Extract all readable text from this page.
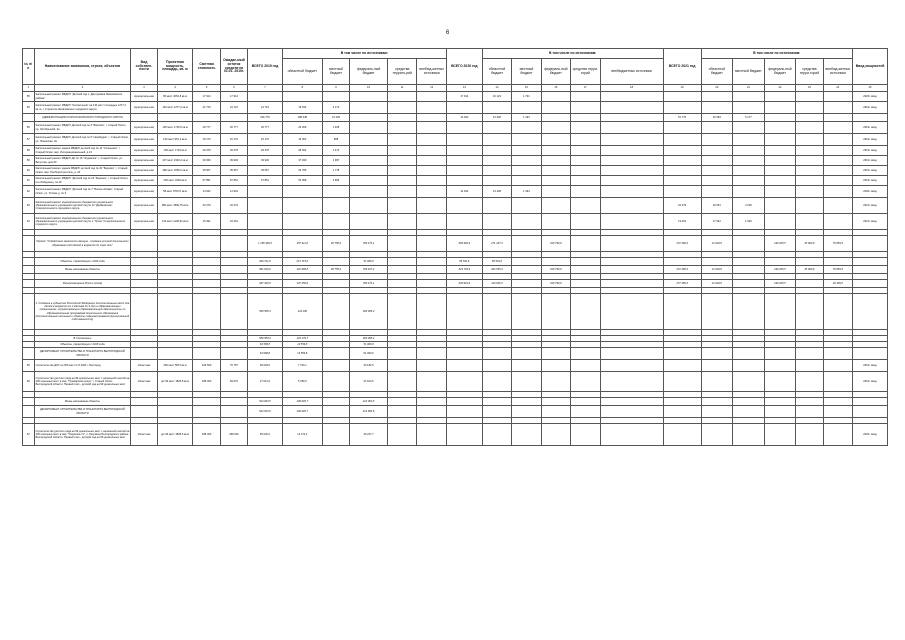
6
№ п/п	Наименование заказчиков, строек, объектов	Вид собствен-ности	Проектная мощность, площадь, кв. м	Сметная стоимость	Ожидае-мый остаток средств на 01.01. 2019г.	ВСЕГО 2019 год	В том числе по источникам:					ВСЕГО 2020 год	В том числе по источникам:					ВСЕГО 2021 год	В том числе по источникам:					Ввод мощностей
							областной бюджет	местный бюджет	федераль-ный бюджет	средства террито-рий	внебюд-жетных источники		областной бюджет	местный бюджет	федераль-ный бюджет	средства терри-торий	внебюджетных источники		областной бюджет	местный бюджет	федераль-ный бюджет	средства терри-торий	внебюд-жетных источники	
1	2	3	4	5	6	7	8	9	10	11	12	13	14	15	16	17	18	19	20	21	22	23	24	25
55	Капитальный ремонт МБДОУ "Детский сад с. Дмитриевка Яковлевского района"	муниципаль-ная	95 мест 2052,8 кв.м	17 914	17 914							17 914	16 123	1 791										2020г. ввод
56	Капитальный ремонт МБДОУ "Колокольчик" на 140 мест площадью 1277,4 кв. м, г. Строитель Яковлевского городского округа	муниципаль-ная	140 мест 1277,4 кв.м	21 716	21 716	21 716	19 544	2 172																2019г. ввод
	АДМИНИСТРАЦИЯ СТАРООСКОЛЬСКОГО ГОРОДСКОГО ОКРУГА					226 779	188 348	10 429				14 942	13 448	1 494				51 770	46 593	5 177				
56	Капитальный ремонт МБДОУ Детский сад № 4 "Василёк", г. Старый Оскол, пр. Октябрьский, 3а	муниципаль-ная	135 мест 1700,5 кв.м	20 777	20 777	20 777	20 269	1 408																2019г. ввод
57	Капитальный ремонт МБДОУ Детский сад № 5 "Незабудка", г. Старый Оскол, ул. Ленинская, 3а	муниципаль-ная	140 мест 951,2 кв.м	15 170	15 170	15 170	15 362	808																2019г. ввод
58	Капитальный ремонт здания МБДОУ детский сад № 14 "Солнышко", г. Старый Оскол, мкр. Интернациональный, д.13	муниципаль-ная	135 мест 1734 кв.м	29 478	29 478	29 478	28 004	1 474																2019г. ввод
59	Капитальный ремонт МБДОУ ДС № 16 "Журавлик", г. Старый Оскол, ул. Ватутина, дом 60	муниципаль-ная	237 мест 2340,2 кв.м	39 936	39 936	39 936	37 939	1 997																2019г. ввод
60	Капитальный ремонт здания МБДОУ детский сад № 20 "Березка", г. Старый Оскол, мкр. Приборостроитель, д. 20	муниципаль-ная	280 мест 2050,2 кв.м	35 567	35 567	35 567	33 789	1 778																2019г. ввод
61	Капитальный ремонт МБДОУ "Детский сад № 24 "Березка", г. Старый Оскол, м-н Лебединец, № 29	муниципаль-ная	230 мест 3403 кв.м	57 851	57 851	57 851	54 958	2 893																2019г. ввод
62	Капитальный ремонт МБДОУ "Детский сад № 7 "Белые облака", Старый Оскол, ул. Титова, д. № 6	муниципаль-ная	58 мест 878,97 кв.м	14 942	14 942							14 942	13 448	1 494										2020г. ввод
63	Капитальный ремонт муниципального бюджетного дошкольного образовательного учреждения детский сад № 12 "Дюймовочка" Старооскольского городского округа	муниципаль-ная	280 мест 1899,75 кв.м	32 279	32 279													32 279	29 051	3 228				2021г. ввод
64	Капитальный ремонт муниципального бюджетного дошкольного образовательного учреждения детский сад № 1 "Лучик" Старооскольского городского округа	муниципаль-ная	140 мест 1148,34 кв.м	19 491	19 491													19 491	17 542	1 949				2021г. ввод

	Проект "Содействие занятости женщин - создание условий дошкольного образования для детей в возрасте до трех лет"					1 156 346,8	357 411,8	38 758,0	760 174,1			609 940,9	271 147,3		318 793,6			272 300,3	21 094,8		230 205,5	45 000,0	70 859,9	

	Объекты, переходящие с 2018 года					264 721,9	213 715,0		51 006,9			86 591,6	86 591,6											
	Вновь начинаемые объекты					891 619,9	122 696,8	38 758,0	709 167,2			523 743,9	204 555,3		318 793,6			272 300,3	21 094,8		230 205,5	45 000,0	70 859,9	

	Минпросвещения России (по/не)					937 425,8	137 250,0		790 174,1			435 624,9	116 828,3		318 793,6			277 486,3	21 094,8		230 205,5		26 186,0	

	1. Создание в субъектах Российской Федерации дополнительных мест для детей в возрасте от 2 месяцев до 3 лет в образовательных организациях, осуществляющих образовательную деятельность по образовательным программам дошкольного образования (дополнительные школьные и объекты софинансирования (муниципальной собственности))					586 588,3	123 186		463 388,2															

	В Соглашении					586 588,3	123 179,7		463 388,2															
	Объекты, переходящие с 2018 года					64 568,8	13 559,8		51 009,0															
	ДЕПАРТАМЕНТ СТРОИТЕЛЬСТВА И ТРАНСПОРТА БЕЛГОРОДСКОЙ ОБЛАСТИ					64 568,8	13 559,8		51 009,0															
65	Строительство ДОУ на 350 мест в IX КЖР, г. Белгород	областная	350 мест 5874 кв.м	229 500	76 787	38 093,6	7 760,1		30 182,5															2019г. ввод
66	Строительство детского сада на 99 дошкольных мест с начальной школой на 100 школьных мест в мкр. "Пушкарская роща", г. Старый Оскол Белгородской области. Первый этап - детский сад на 99 дошкольных мест	областная	д/с 99 мест 1825,8 кв.м	188 000	84 070	27 012,9	5 789,5		21 814,5															2019г. ввод

	Вновь начинаемые объекты					522 003,5	109 620,7		412 382,8															
	ДЕПАРТАМЕНТ СТРОИТЕЛЬСТВА И ТРАНСПОРТА БЕЛГОРОДСКОЙ ОБЛАСТИ					522 003,5	109 620,7		412 382,8															

67	Строительство детского сада на 99 дошкольных мест с начальной школой на 100 школьных мест в мкр. "Разумное-71", п. Разумное Белгородского района Белгородской области. Первый этап - детский сад на 99 дошкольных мест	областная	д/с 99 мест 1828,6 кв.м	188 000	188 000	59 620,2	12 372,2		46 247,7															2020г. ввод
